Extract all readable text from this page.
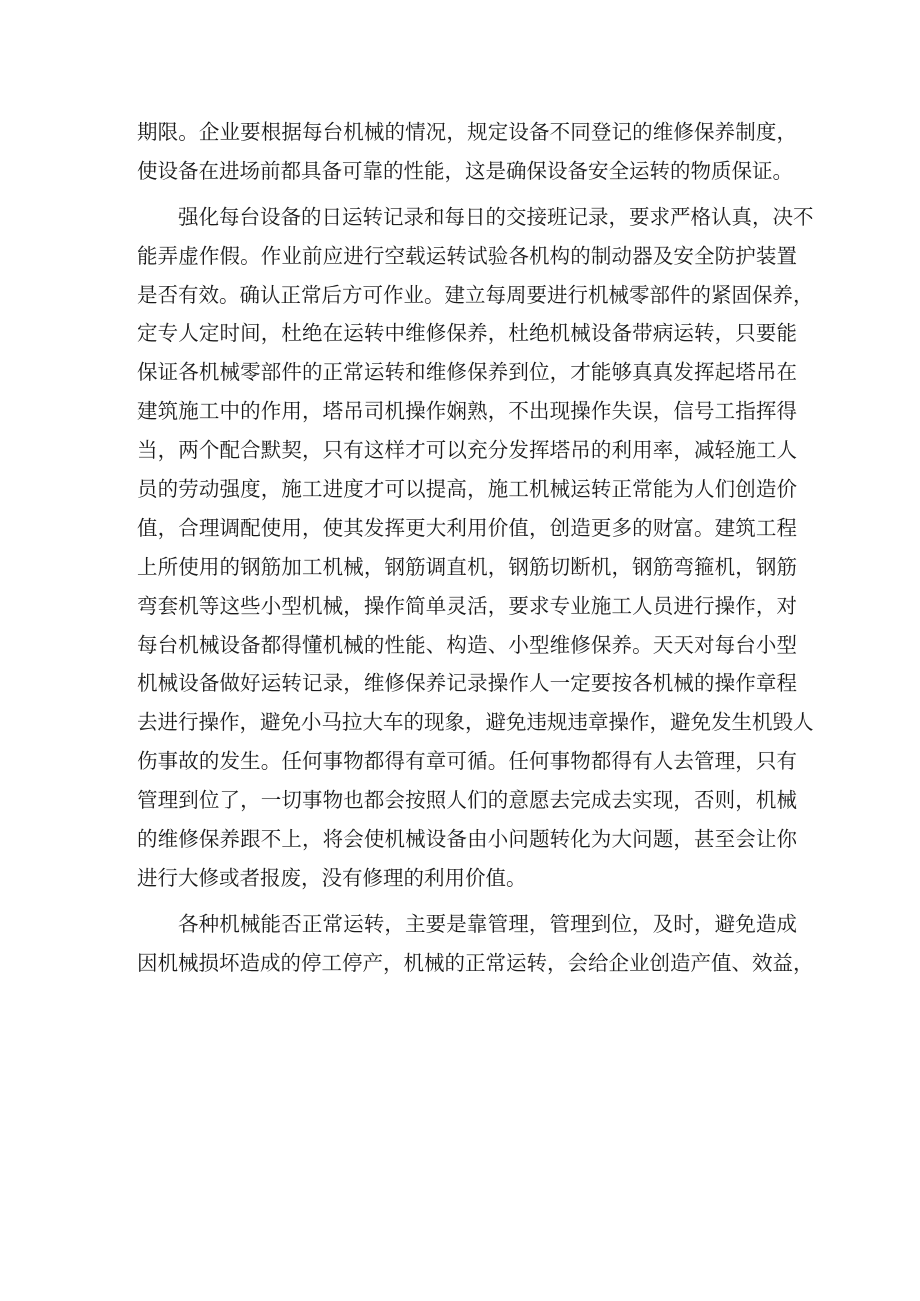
期限。企业要根据每台机械的情况，规定设备不同登记的维修保养制度，
使设备在进场前都具备可靠的性能，这是确保设备安全运转的物质保证。
强化每台设备的日运转记录和每日的交接班记录，要求严格认真，决不
能弄虚作假。作业前应进行空载运转试验各机构的制动器及安全防护装置
是否有效。确认正常后方可作业。建立每周要进行机械零部件的紧固保养，
定专人定时间，杜绝在运转中维修保养，杜绝机械设备带病运转，只要能
保证各机械零部件的正常运转和维修保养到位，才能够真真发挥起塔吊在
建筑施工中的作用，塔吊司机操作娴熟，不出现操作失误，信号工指挥得
当，两个配合默契，只有这样才可以充分发挥塔吊的利用率，减轻施工人
员的劳动强度，施工进度才可以提高，施工机械运转正常能为人们创造价
值，合理调配使用，使其发挥更大利用价值，创造更多的财富。建筑工程
上所使用的钢筋加工机械，钢筋调直机，钢筋切断机，钢筋弯箍机，钢筋
弯套机等这些小型机械，操作简单灵活，要求专业施工人员进行操作，对
每台机械设备都得懂机械的性能、构造、小型维修保养。天天对每台小型
机械设备做好运转记录，维修保养记录操作人一定要按各机械的操作章程
去进行操作，避免小马拉大车的现象，避免违规违章操作，避免发生机毁人
伤事故的发生。任何事物都得有章可循。任何事物都得有人去管理，只有
管理到位了，一切事物也都会按照人们的意愿去完成去实现，否则，机械
的维修保养跟不上，将会使机械设备由小问题转化为大问题，甚至会让你
进行大修或者报废，没有修理的利用价值。
各种机械能否正常运转，主要是靠管理，管理到位，及时，避免造成
因机械损坏造成的停工停产，机械的正常运转，会给企业创造产值、效益，
